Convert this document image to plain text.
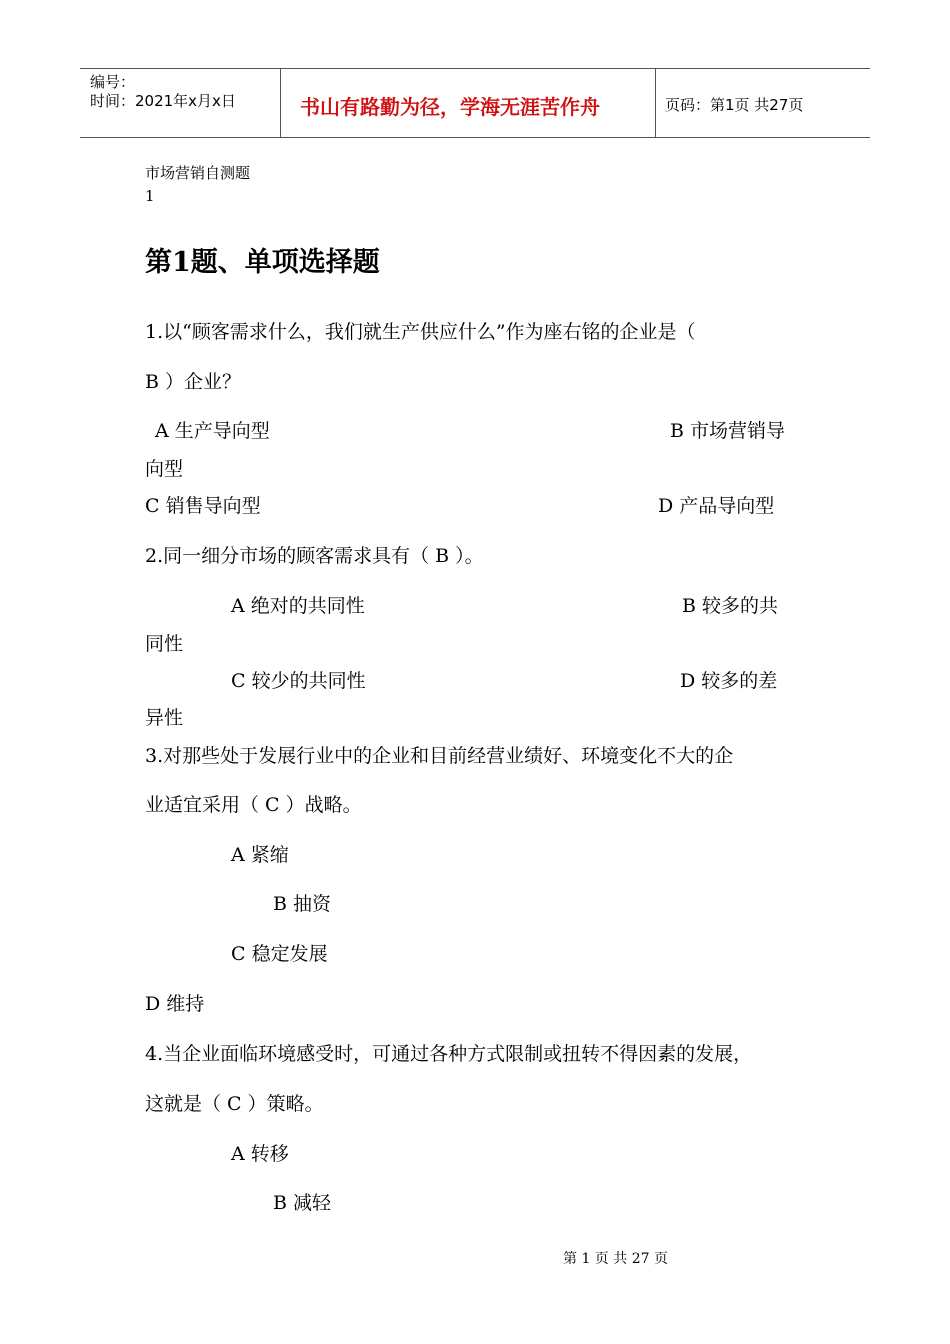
编号：
时间：2021年x月x日	书山有路勤为径，学海无涯苦作舟	页码：第1页 共27页
市场营销自测题
1
第1题、单项选择题
1.以“顾客需求什么，我们就生产供应什么”作为座右铭的企业是（
B ）企业？
A 生产导向型	B 市场营销导
向型
C 销售导向型	D 产品导向型
2.同一细分市场的顾客需求具有（ B ）。
A 绝对的共同性	B 较多的共
同性
C 较少的共同性	D 较多的差
异性
3.对那些处于发展行业中的企业和目前经营业绩好、环境变化不大的企
业适宜采用（ C ）战略。
A 紧缩
B 抽资
C 稳定发展
D 维持
4.当企业面临环境感受时，可通过各种方式限制或扭转不得因素的发展，
这就是（ C ）策略。
A 转移
B 减轻
第 1 页 共 27 页
